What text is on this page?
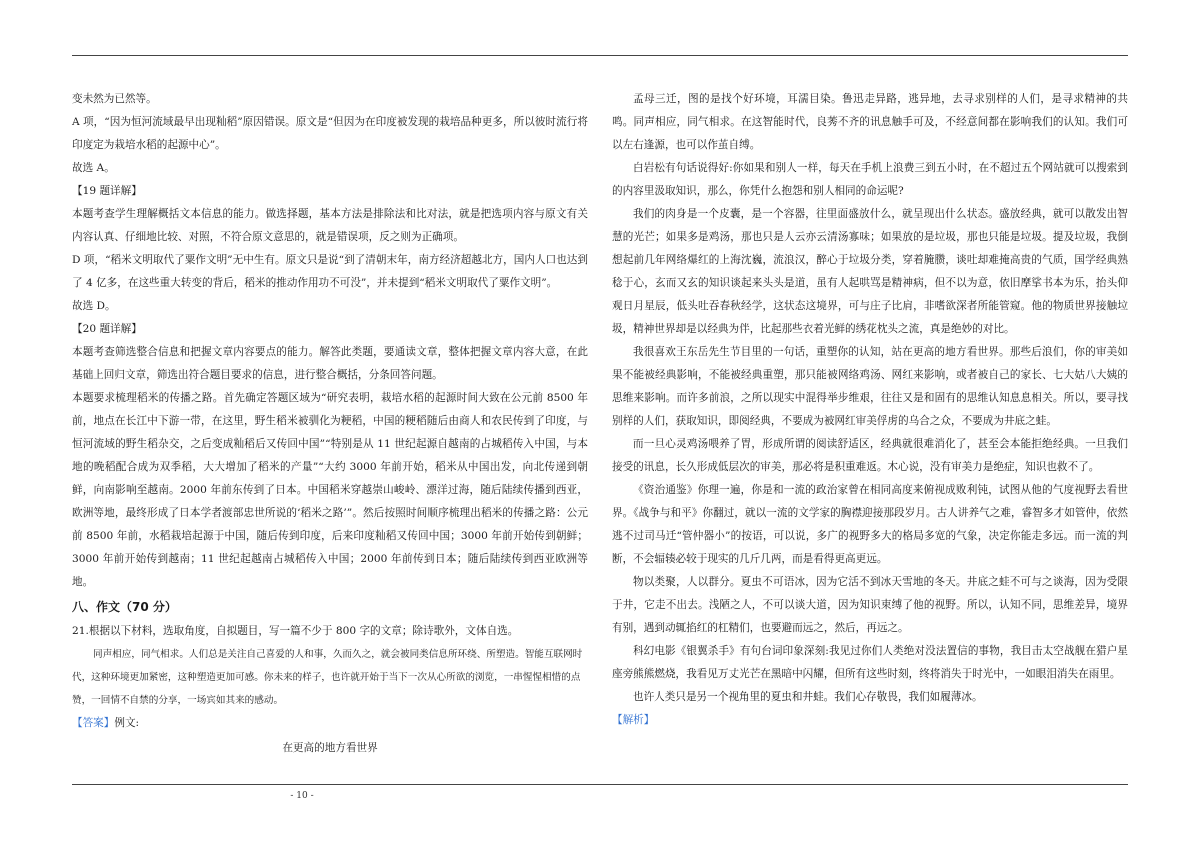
变未然为已然等。

A 项，“因为恒河流域最早出现籼稻”原因错误。原文是“但因为在印度被发现的栽培品种更多，所以彼时流行将印度定为栽培水稻的起源中心”。

故选 A。

【19 题详解】

本题考查学生理解概括文本信息的能力。做选择题，基本方法是排除法和比对法，就是把选项内容与原文有关内容认真、仔细地比较、对照，不符合原文意思的，就是错误项，反之则为正确项。

D 项，“稻米文明取代了粟作文明”无中生有。原文只是说“到了清朝末年，南方经济超越北方，国内人口也达到了 4 亿多，在这些重大转变的背后，稻米的推动作用功不可没”，并未提到“稻米文明取代了粟作文明”。

故选 D。

【20 题详解】

本题考查筛选整合信息和把握文章内容要点的能力。解答此类题，要通读文章，整体把握文章内容大意，在此基础上回归文章，筛选出符合题目要求的信息，进行整合概括，分条回答问题。

本题要求梳理稻米的传播之路。首先确定答题区域为“研究表明，栽培水稻的起源时间大致在公元前 8500 年前，地点在长江中下游一带，在这里，野生稻米被驯化为粳稻，中国的粳稻随后由商人和农民传到了印度，与恒河流域的野生稻杂交，之后变成籼稻后又传回中国”“特别是从 11 世纪起源自越南的占城稻传入中国，与本地的晚稻配合成为双季稻，大大增加了稻米的产量”“大约 3000 年前开始，稻米从中国出发，向北传递到朝鲜，向南影响至越南。2000 年前东传到了日本。中国稻米穿越崇山峻岭、漂洋过海，随后陆续传播到西亚，欧洲等地，最终形成了日本学者渡部忠世所说的‘稻米之路’”。然后按照时间顺序梳理出稻米的传播之路：公元前 8500 年前，水稻栽培起源于中国，随后传到印度，后来印度籼稻又传回中国；3000 年前开始传到朝鲜；3000 年前开始传到越南；11 世纪起越南占城稻传入中国；2000 年前传到日本；随后陆续传到西亚欧洲等地。

八、作文（70 分）

21.根据以下材料，选取角度，自拟题目，写一篇不少于 800 字的文章；除诗歌外，文体自选。

同声相应，同气相求。人们总是关注自己喜爱的人和事，久而久之，就会被同类信息所环绕、所塑造。智能互联网时代，这种环境更加紧密，这种塑造更加可感。你未来的样子，也许就开始于当下一次从心所欲的浏览，一串惺惺相惜的点赞，一回情不自禁的分享，一场宾如其来的感动。

【答案】例文:

在更高的地方看世界

孟母三迁，图的是找个好环境，耳濡目染。鲁迅走异路，逃异地，去寻求别样的人们，是寻求精神的共鸣。同声相应，同气相求。在这智能时代，良莠不齐的讯息触手可及，不经意间都在影响我们的认知。我们可以左右逢源，也可以作茧自缚。

白岩松有句话说得好:你如果和别人一样，每天在手机上浪费三到五小时，在不超过五个网站就可以搜索到的内容里汲取知识，那么，你凭什么抱怨和别人相同的命运呢?

我们的肉身是一个皮囊，是一个容器，往里面盛放什么，就呈现出什么状态。盛放经典，就可以散发出智慧的光芒；如果多是鸡汤，那也只是人云亦云清汤寡味；如果放的是垃圾，那也只能是垃圾。提及垃圾，我倒想起前几年网络爆红的上海沈巍，流浪汉，醉心于垃圾分类，穿着腌臜，谈吐却难掩高贵的气质，国学经典熟稔于心，玄而又玄的知识谈起来头头是道，虽有人起哄骂是精神病，但不以为意，依旧摩挲书本为乐，抬头仰观日月星辰，低头吐吞春秋经学，这状态这境界，可与庄子比肩，非嗜欲深者所能管窥。他的物质世界接触垃圾，精神世界却是以经典为伴，比起那些衣着光鲜的绣花枕头之流，真是绝妙的对比。

我很喜欢王东岳先生节目里的一句话，重塑你的认知，站在更高的地方看世界。那些后浪们，你的审美如果不能被经典影响，不能被经典重塑，那只能被网络鸡汤、网红来影响，或者被自己的家长、七大姑八大姨的思维来影响。而许多前浪，之所以现实中混得举步维艰，往往又是和固有的思维认知息息相关。所以，要寻找别样的人们，获取知识，即阅经典，不要成为被网红审美俘虏的乌合之众，不要成为井底之蛙。

而一旦心灵鸡汤喂养了胃，形成所谓的阅读舒适区，经典就很难消化了，甚至会本能拒绝经典。一旦我们接受的讯息，长久形成低层次的审美，那必将是积重难返。木心说，没有审美力是绝症，知识也救不了。

《资治通鉴》你理一遍，你是和一流的政治家曾在相同高度来俯视成败利钝，试图从他的气度视野去看世界。《战争与和平》你翻过，就以一流的文学家的胸襟迎接那段岁月。古人讲养气之难，睿智多才如管仲，依然逃不过司马迁“管仲器小”的按语，可以说，多广的视野多大的格局多宽的气象，决定你能走多远。而一流的判断，不会辐辏必较于现实的几斤几两，而是看得更高更远。

物以类聚，人以群分。夏虫不可语冰，因为它活不到冰天雪地的冬天。井底之蛙不可与之谈海，因为受限于井，它走不出去。浅陋之人，不可以谈大道，因为知识束缚了他的视野。所以，认知不同，思维差异，境界有别，遇到动辄掐红的杠精们，也要避而远之，然后，再远之。

科幻电影《银翼杀手》有句台词印象深刻:我见过你们人类绝对没法置信的事物，我目击太空战舰在猎户星座旁熊熊燃烧，我看见万丈光芒在黑暗中闪耀，但所有这些时刻，终将消失于时光中，一如眼泪消失在雨里。

也许人类只是另一个视角里的夏虫和井蛙。我们心存敬畏，我们如履薄冰。

【解析】

- 10 -
